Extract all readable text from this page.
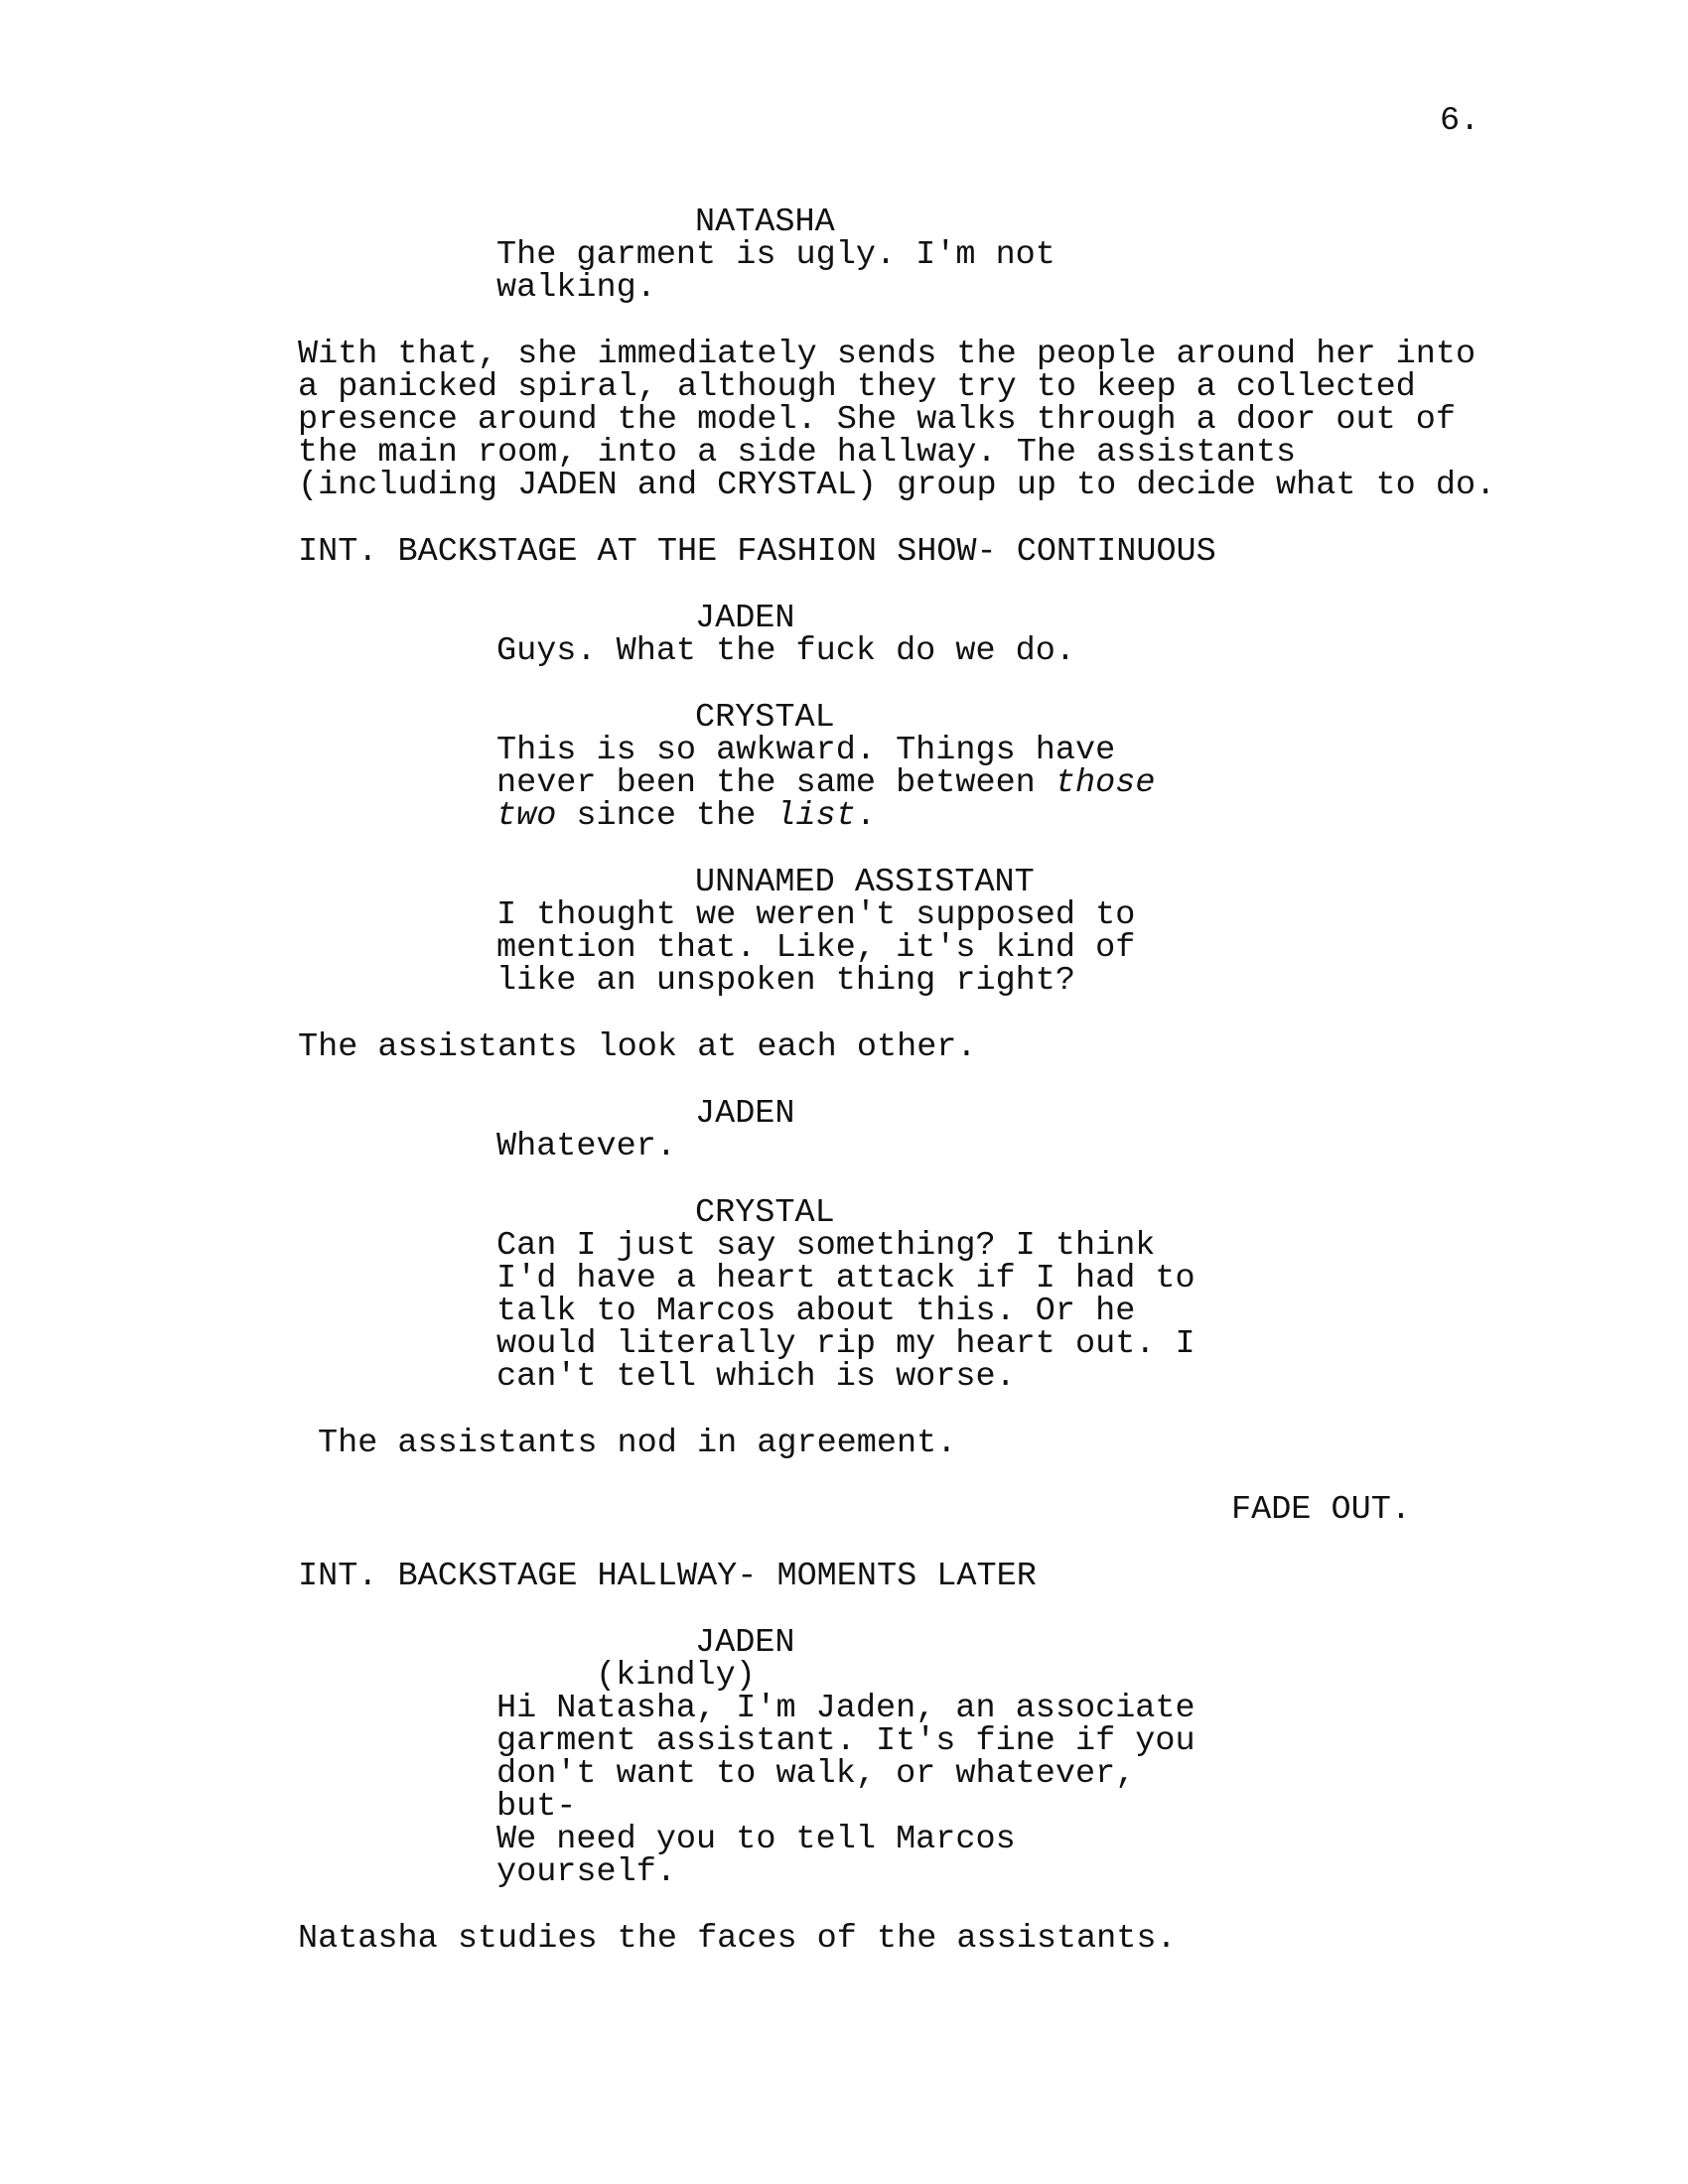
6.
NATASHA
The garment is ugly. I'm not
walking.
With that, she immediately sends the people around her into
a panicked spiral, although they try to keep a collected
presence around the model. She walks through a door out of
the main room, into a side hallway. The assistants
(including JADEN and CRYSTAL) group up to decide what to do.
INT. BACKSTAGE AT THE FASHION SHOW- CONTINUOUS
JADEN
Guys. What the fuck do we do.
CRYSTAL
This is so awkward. Things have
never been the same between those
two since the list.
UNNAMED ASSISTANT
I thought we weren't supposed to
mention that. Like, it's kind of
like an unspoken thing right?
The assistants look at each other.
JADEN
Whatever.
CRYSTAL
Can I just say something? I think
I'd have a heart attack if I had to
talk to Marcos about this. Or he
would literally rip my heart out. I
can't tell which is worse.
The assistants nod in agreement.
FADE OUT.
INT. BACKSTAGE HALLWAY- MOMENTS LATER
JADEN
(kindly)
Hi Natasha, I'm Jaden, an associate
garment assistant. It's fine if you
don't want to walk, or whatever,
but-
We need you to tell Marcos
yourself.
Natasha studies the faces of the assistants.
